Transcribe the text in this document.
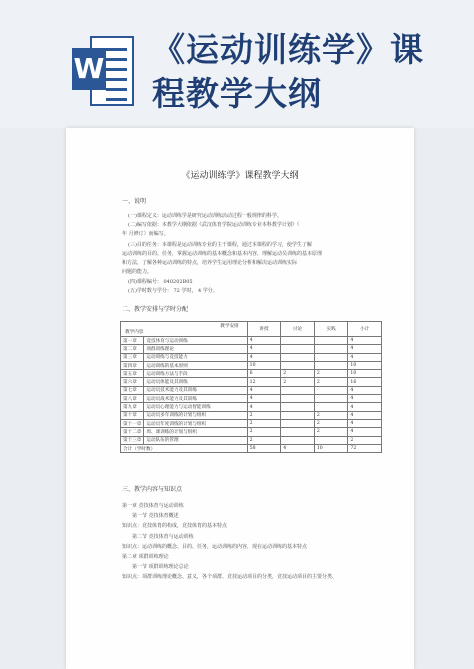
W 《运动训练学》课程教学大纲
《运动训练学》课程教学大纲
一、说明
(一)课程定义：运动训练学是研究运动训练活动过程一般规律的科学。
(二)编写依据：本教学大纲依据《武汉体育学院运动训练专业本科教学计划》（
年 月修订）而编写。
(三)目的任务：本课程是运动训练专业的主干课程，通过本课程的学习，使学生了解
运动训练的目的、任务，掌握运动训练的基本概念和基本内容，理解运动员训练的基本原理
和方法，了解各种运动训练的特点，培养学生运用理论分析和解决运动训练实际
问题的能力。
(四)课程编号： 040202B05
(五)学时数与学分： 72 学时， 4 学分。
二、教学安排与学时分配
教学安排
教学内容		讲授	讨论	实践	小计
第一章	竞技体育与运动训练	4			4
第二章	项群训练理论	4			4
第三章	运动训练与竞技能力	4			4
第四章	运动训练的基本原则	10			10
第五章	运动训练方法与手段	6	2	2	10
第六章	运动员体能及其训练	12	2	2	16
第七章	运动员技术能力及其训练	4			4
第八章	运动员战术能力及其训练	4			4
第九章	运动员心理能力与运动智能训练	4			4
第十章	运动员多年训练的计划与组织	2		2	4
第十一章	运动员年度训练的计划与组织	2		2	4
第十二章	周、课训练的计划与组织	2		2	4
第十三章	运动队伍的管理	2			2
合计（学时数）		58	4	10	72
三、教学内容与知识点
第一章 竞技体育与运动训练
第一节 竞技体育概述
知识点：竞技体育的构成，竞技体育的基本特点
第二节 竞技体育与运动训练
知识点：运动训练的概念、目的、任务，运动训练的内容，现在运动训练的基本特点
第二章 项群训练理论
第一节 项群训练理论总论
知识点：项群训练理论概念、意义，各个项群、竞技运动项目的分类，竞技运动项目的主要分类、
